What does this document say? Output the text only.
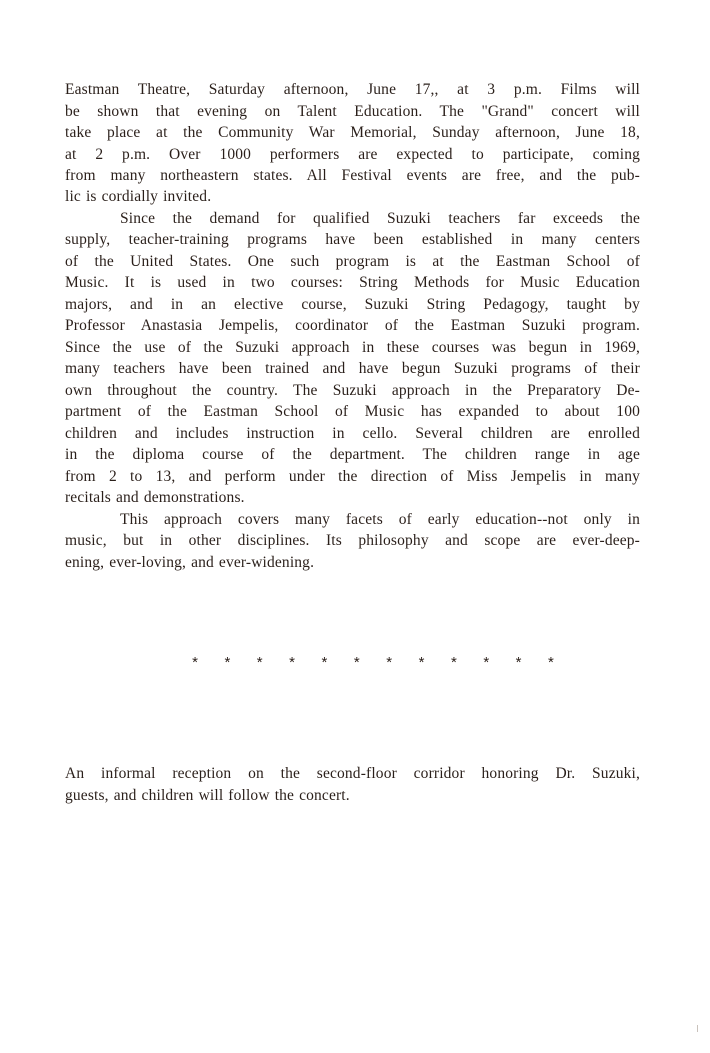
Eastman Theatre, Saturday afternoon, June 17,, at 3 p.m. Films will
be shown that evening on Talent Education. The "Grand" concert will
take place at the Community War Memorial, Sunday afternoon, June 18,
at 2 p.m. Over 1000 performers are expected to participate, coming
from many northeastern states. All Festival events are free, and the pub-
lic is cordially invited.
Since the demand for qualified Suzuki teachers far exceeds the
supply, teacher-training programs have been established in many centers
of the United States. One such program is at the Eastman School of
Music. It is used in two courses: String Methods for Music Education
majors, and in an elective course, Suzuki String Pedagogy, taught by
Professor Anastasia Jempelis, coordinator of the Eastman Suzuki program.
Since the use of the Suzuki approach in these courses was begun in 1969,
many teachers have been trained and have begun Suzuki programs of their
own throughout the country. The Suzuki approach in the Preparatory De-
partment of the Eastman School of Music has expanded to about 100
children and includes instruction in cello. Several children are enrolled
in the diploma course of the department. The children range in age
from 2 to 13, and perform under the direction of Miss Jempelis in many
recitals and demonstrations.
This approach covers many facets of early education--not only in
music, but in other disciplines. Its philosophy and scope are ever-deep-
ening, ever-loving, and ever-widening.
* * * * * * * * * * * *
An informal reception on the second-floor corridor honoring Dr. Suzuki,
guests, and children will follow the concert.
